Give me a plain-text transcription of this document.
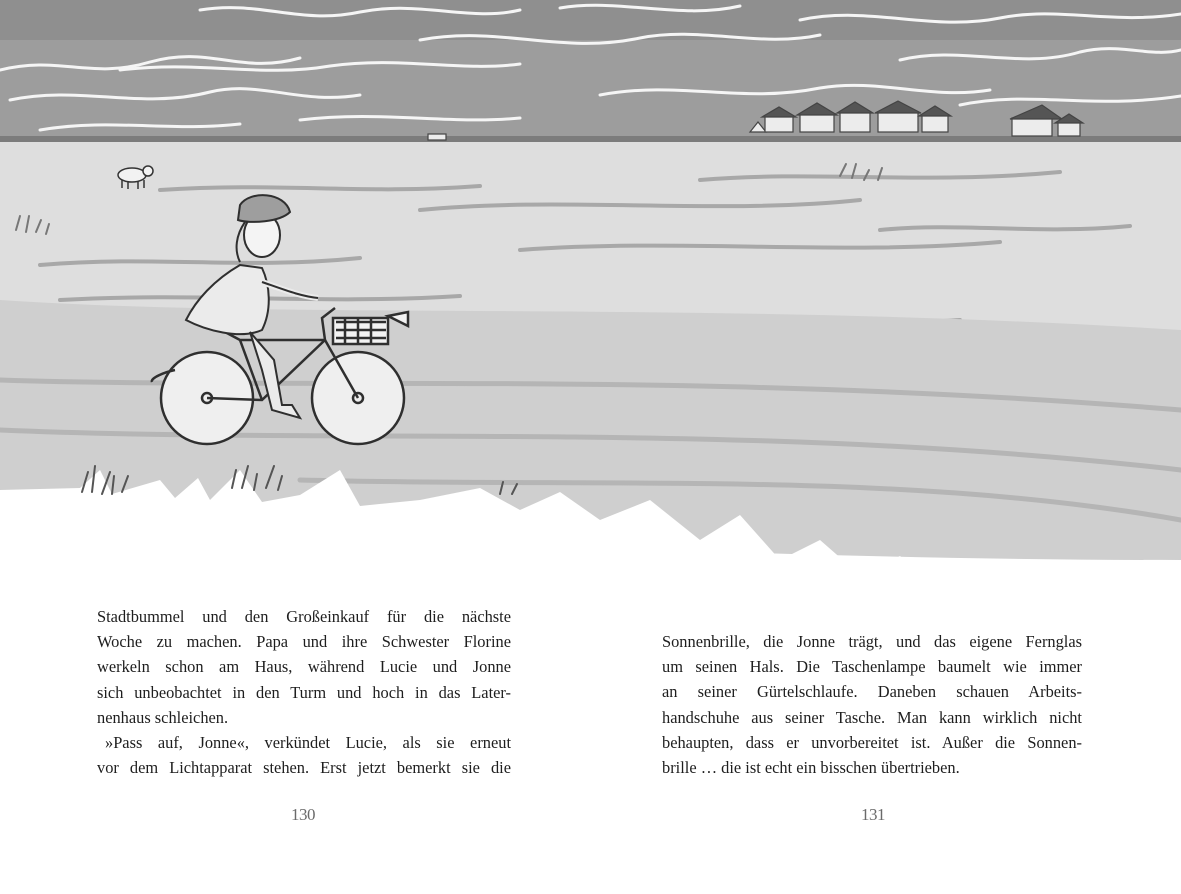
Stadtbummel und den Großeinkauf für die nächste
Woche zu machen. Papa und ihre Schwester Florine
werkeln schon am Haus, während Lucie und Jonne
sich unbeobachtet in den Turm und hoch in das Later-
nenhaus schleichen.
»Pass auf, Jonne«, verkündet Lucie, als sie erneut
vor dem Lichtapparat stehen. Erst jetzt bemerkt sie die
Sonnenbrille, die Jonne trägt, und das eigene Fernglas
um seinen Hals. Die Taschenlampe baumelt wie immer
an seiner Gürtelschlaufe. Daneben schauen Arbeits-
handschuhe aus seiner Tasche. Man kann wirklich nicht
behaupten, dass er unvorbereitet ist. Außer die Sonnen-
brille … die ist echt ein bisschen übertrieben.
130	131
